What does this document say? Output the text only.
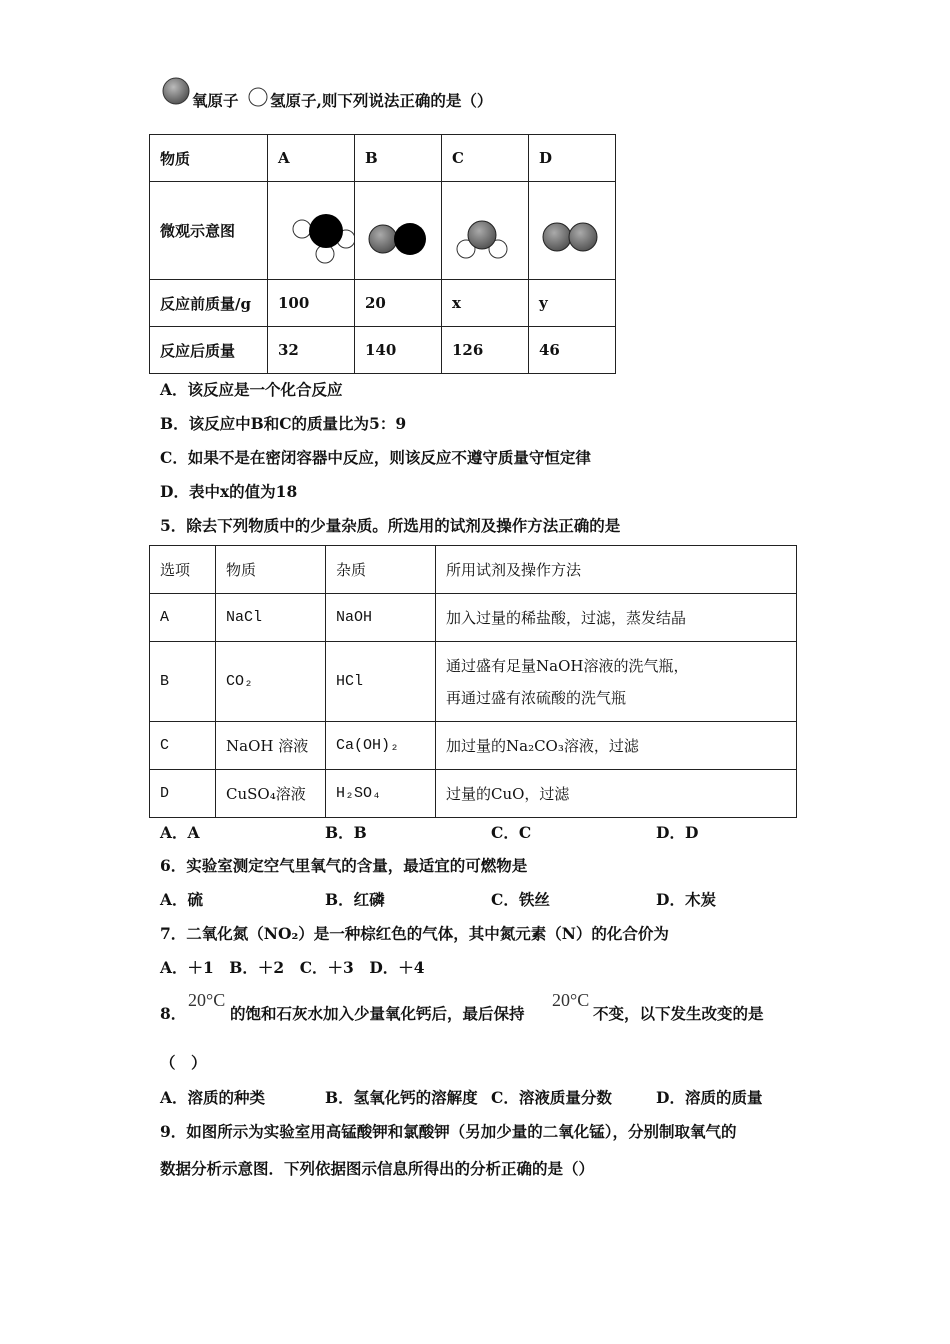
氧原子 氢原子,则下列说法正确的是（）
物质	A	B	C	D
微观示意图	

反应前质量/g	100	20	x	y
反应后质量	32	140	126	46
A．该反应是一个化合反应
B．该反应中B和C的质量比为5：9
C．如果不是在密闭容器中反应，则该反应不遵守质量守恒定律
D．表中x的值为18
5．除去下列物质中的少量杂质。所选用的试剂及操作方法正确的是
选项	物质	杂质	所用试剂及操作方法
A	NaCl	NaOH	加入过量的稀盐酸，过滤，蒸发结晶
B	CO₂	HCl	通过盛有足量NaOH溶液的洗气瓶，
再通过盛有浓硫酸的洗气瓶

C	NaOH 溶液	Ca(OH)₂	加过量的Na₂CO₃溶液，过滤
D	CuSO₄溶液	H₂SO₄	过量的CuO，过滤
A．A	B．B	C．C	D．D
6．实验室测定空气里氧气的含量，最适宜的可燃物是
A．硫	B．红磷	C．铁丝	D．木炭
7．二氧化氮（NO₂）是一种棕红色的气体，其中氮元素（N）的化合价为
A．＋1　B．＋2　C．＋3　D．＋4
8．
20°C
的饱和石灰水加入少量氧化钙后，最后保持
20°C
不变，以下发生改变的是
（　）
A．溶质的种类	B．氢氧化钙的溶解度 C．溶液质量分数	D．溶质的质量
9．如图所示为实验室用高锰酸钾和氯酸钾（另加少量的二氧化锰），分别制取氧气的
数据分析示意图．下列依据图示信息所得出的分析正确的是（）
